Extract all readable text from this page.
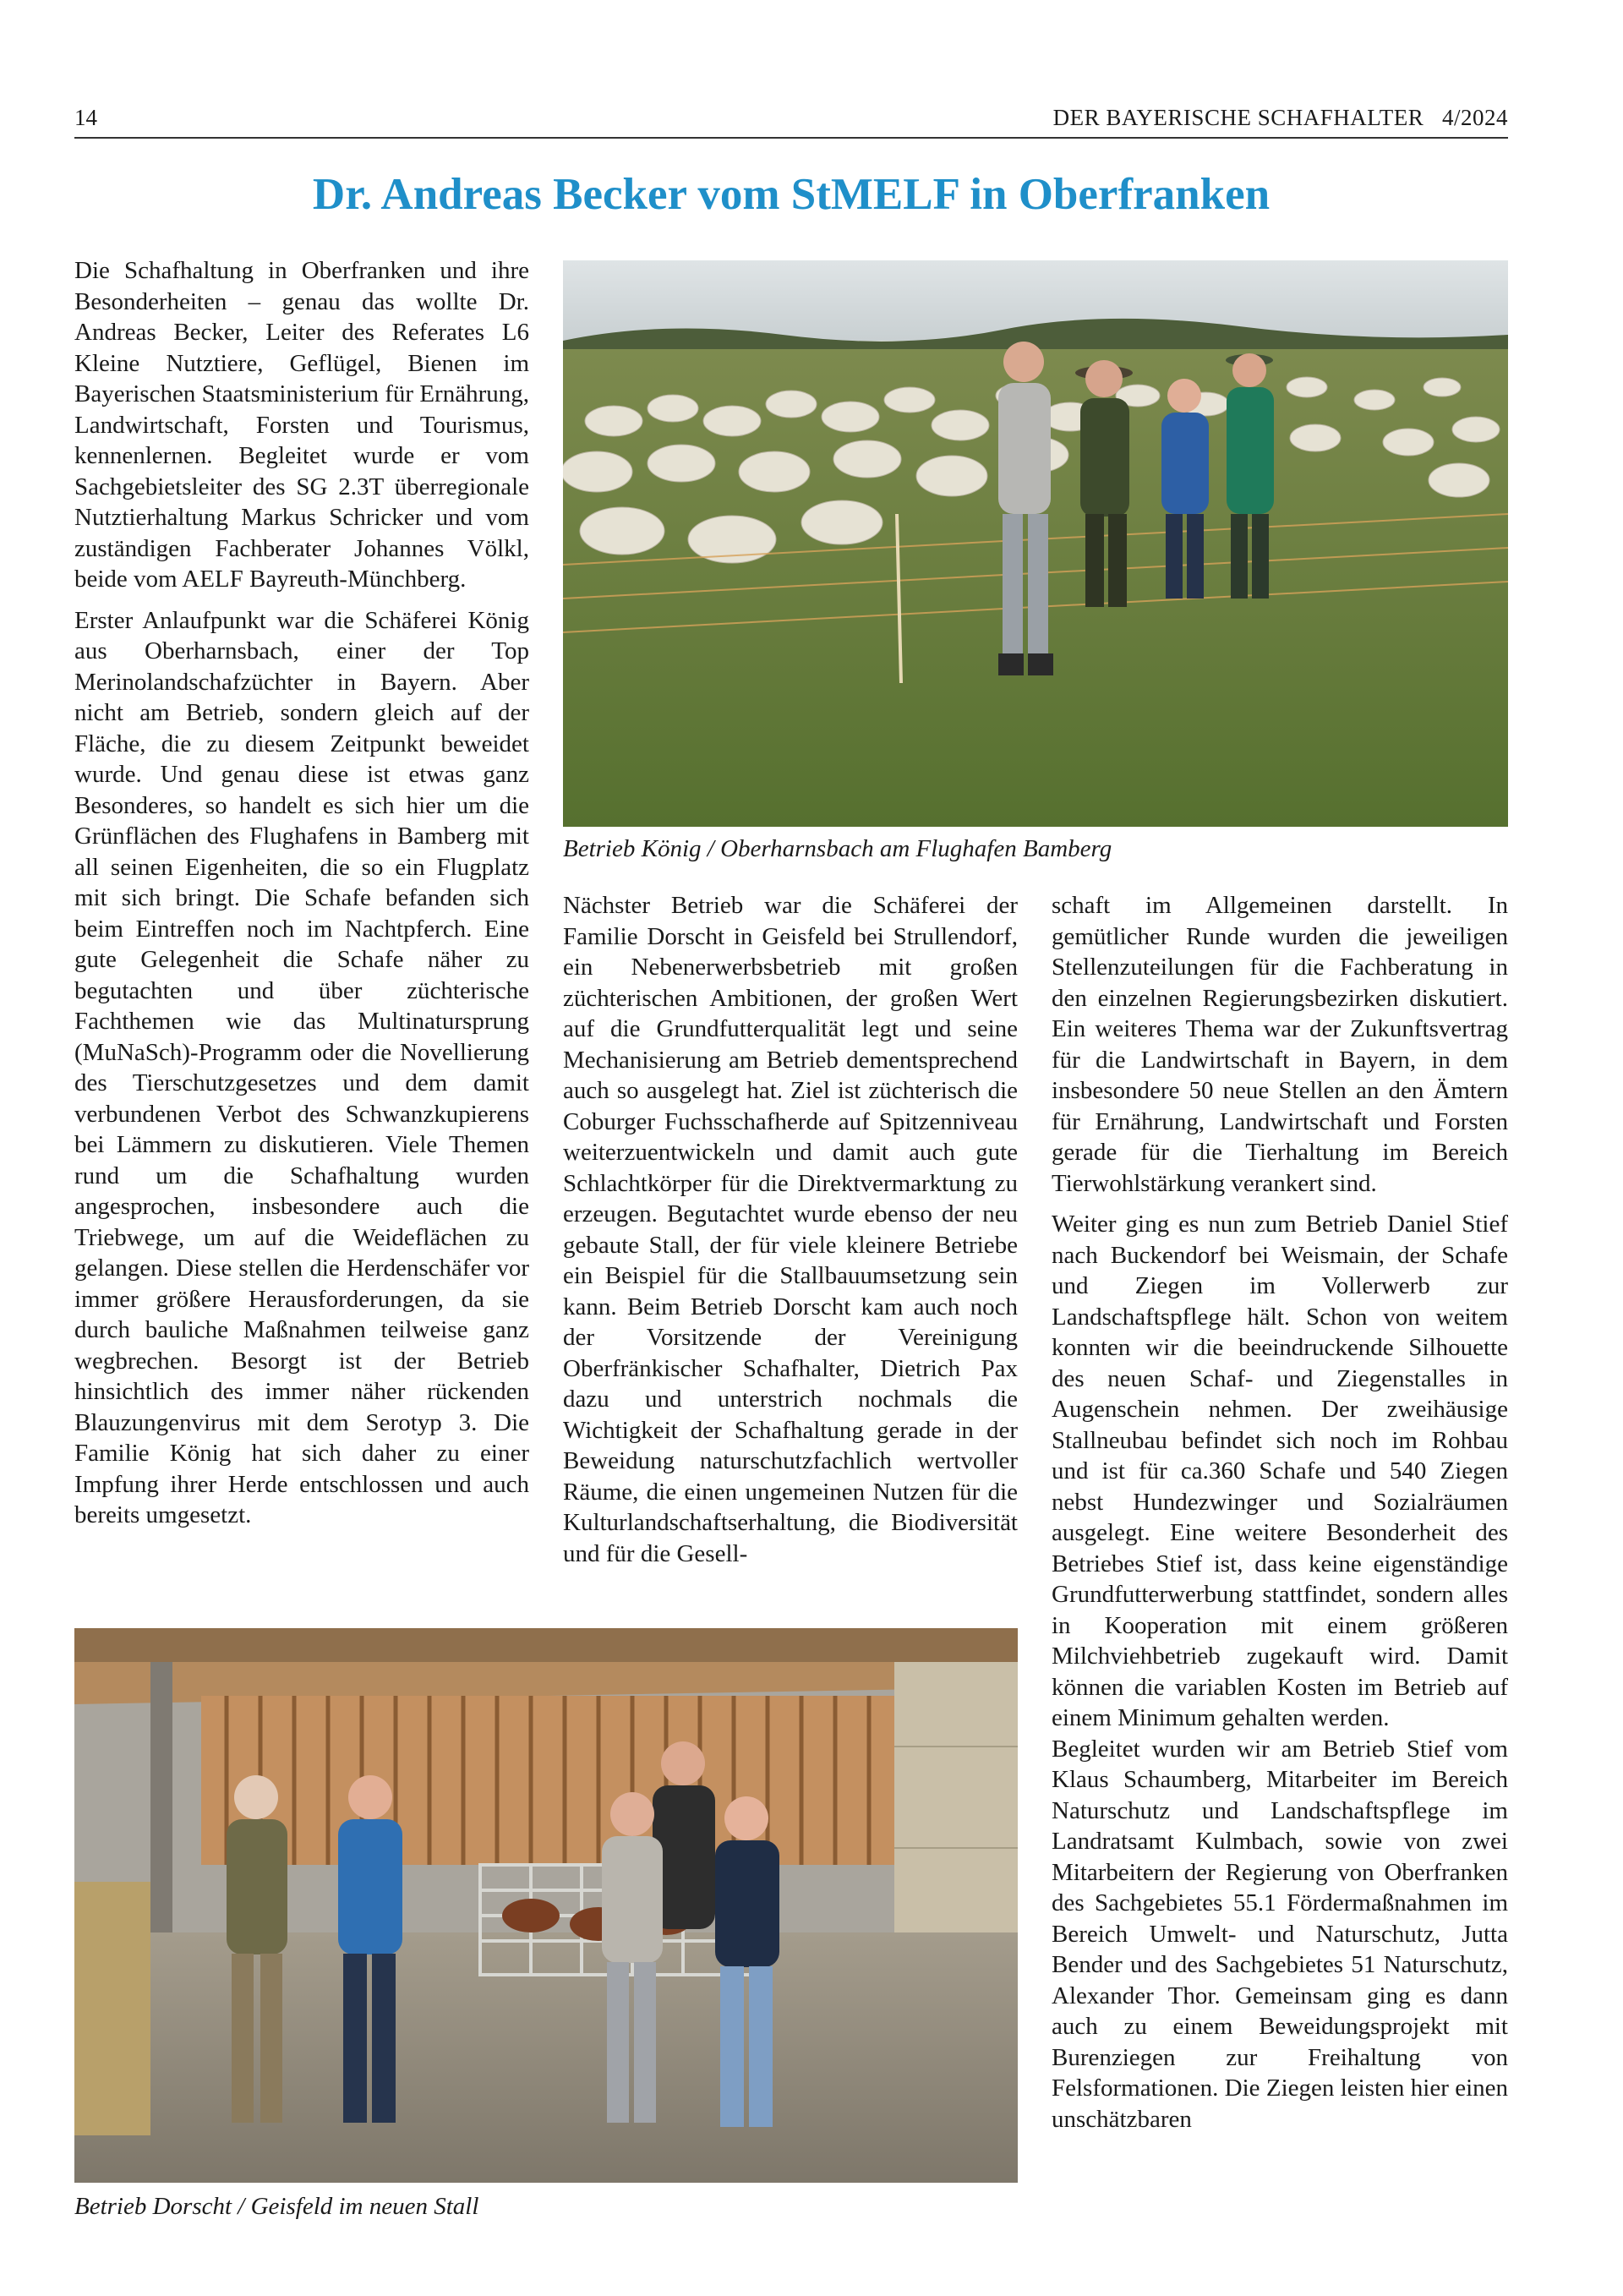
14	DER BAYERISCHE SCHAFHALTER   4/2024
Dr. Andreas Becker vom StMELF in Oberfranken

Die Schafhaltung in Oberfranken und ihre Besonderheiten – genau das wollte Dr. Andreas Becker, Leiter des Referates L6 Kleine Nutztiere, Geflügel, Bienen im Bayerischen Staatsministerium für Ernährung, Landwirtschaft, Forsten und Tourismus, kennenlernen. Begleitet wurde er vom Sachgebietsleiter des SG 2.3T überregionale Nutztierhaltung Markus Schricker und vom zuständigen Fachberater Johannes Völkl, beide vom AELF Bayreuth-Münchberg.

Erster Anlaufpunkt war die Schäferei König aus Oberharnsbach, einer der Top Merinolandschafzüchter in Bayern. Aber nicht am Betrieb, sondern gleich auf der Fläche, die zu diesem Zeitpunkt beweidet wurde. Und genau diese ist etwas ganz Besonderes, so handelt es sich hier um die Grünflächen des Flughafens in Bamberg mit all seinen Eigenheiten, die so ein Flugplatz mit sich bringt. Die Schafe befanden sich beim Eintreffen noch im Nachtpferch. Eine gute Gelegenheit die Schafe näher zu begutachten und über züchterische Fachthemen wie das Multinatursprung (MuNaSch)-Programm oder die Novellierung des Tierschutzgesetzes und dem damit verbundenen Verbot des Schwanzkupierens bei Lämmern zu diskutieren. Viele Themen rund um die Schafhaltung wurden angesprochen, insbesondere auch die Triebwege, um auf die Weideflächen zu gelangen. Diese stellen die Herdenschäfer vor immer größere Herausforderungen, da sie durch bauliche Maßnahmen teilweise ganz wegbrechen. Besorgt ist der Betrieb hinsichtlich des immer näher rückenden Blauzungenvirus mit dem Serotyp 3. Die Familie König hat sich daher zu einer Impfung ihrer Herde entschlossen und auch bereits umgesetzt.

Betrieb König / Oberharnsbach am Flughafen Bamberg

Nächster Betrieb war die Schäferei der Familie Dorscht in Geisfeld bei Strullendorf, ein Nebenerwerbsbetrieb mit großen züchterischen Ambitionen, der großen Wert auf die Grundfutterqualität legt und seine Mechanisierung am Betrieb dementsprechend auch so ausgelegt hat. Ziel ist züchterisch die Coburger Fuchsschafherde auf Spitzenniveau weiterzuentwickeln und damit auch gute Schlachtkörper für die Direktvermarktung zu erzeugen. Begutachtet wurde ebenso der neu gebaute Stall, der für viele kleinere Betriebe ein Beispiel für die Stallbauumsetzung sein kann. Beim Betrieb Dorscht kam auch noch der Vorsitzende der Vereinigung Oberfränkischer Schafhalter, Dietrich Pax dazu und unterstrich nochmals die Wichtigkeit der Schafhaltung gerade in der Beweidung naturschutzfachlich wertvoller Räume, die einen ungemeinen Nutzen für die Kulturlandschaftserhaltung, die Biodiversität und für die Gesell-

schaft im Allgemeinen darstellt. In gemütlicher Runde wurden die jeweiligen Stellenzuteilungen für die Fachberatung in den einzelnen Regierungsbezirken diskutiert. Ein weiteres Thema war der Zukunftsvertrag für die Landwirtschaft in Bayern, in dem insbesondere 50 neue Stellen an den Ämtern für Ernährung, Landwirtschaft und Forsten gerade für die Tierhaltung im Bereich Tierwohlstärkung verankert sind.

Weiter ging es nun zum Betrieb Daniel Stief nach Buckendorf bei Weismain, der Schafe und Ziegen im Vollerwerb zur Landschaftspflege hält. Schon von weitem konnten wir die beeindruckende Silhouette des neuen Schaf- und Ziegenstalles in Augenschein nehmen. Der zweihäusige Stallneubau befindet sich noch im Rohbau und ist für ca.360 Schafe und 540 Ziegen nebst Hundezwinger und Sozialräumen ausgelegt. Eine weitere Besonderheit des Betriebes Stief ist, dass keine eigenständige Grundfutterwerbung stattfindet, sondern alles in Kooperation mit einem größeren Milchviehbetrieb zugekauft wird. Damit können die variablen Kosten im Betrieb auf einem Minimum gehalten werden.

Begleitet wurden wir am Betrieb Stief vom Klaus Schaumberg, Mitarbeiter im Bereich Naturschutz und Landschaftspflege im Landratsamt Kulmbach, sowie von zwei Mitarbeitern der Regierung von Oberfranken des Sachgebietes 55.1 Fördermaßnahmen im Bereich Umwelt- und Naturschutz, Jutta Bender und des Sachgebietes 51 Naturschutz, Alexander Thor. Gemeinsam ging es dann auch zu einem Beweidungsprojekt mit Burenziegen zur Freihaltung von Felsformationen. Die Ziegen leisten hier einen unschätzbaren

Betrieb Dorscht / Geisfeld im neuen Stall
